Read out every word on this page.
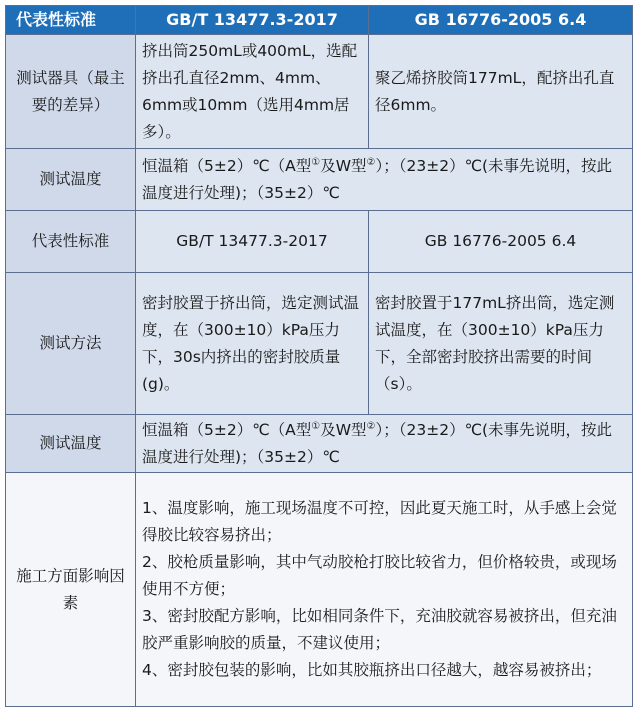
代表性标准	GB/T 13477.3-2017	GB 16776-2005 6.4
测试器具（最主要的差异）	挤出筒250mL或400mL，选配挤出孔直径2mm、4mm、6mm或10mm（选用4mm居多）。	聚乙烯挤胶筒177mL，配挤出孔直径6mm。
测试温度	恒温箱（5±2）℃（A型①及W型②）；（23±2）℃(未事先说明，按此温度进行处理)；（35±2）℃	
代表性标准	GB/T 13477.3-2017	GB 16776-2005 6.4
测试方法	密封胶置于挤出筒，选定测试温度，在（300±10）kPa压力下，30s内挤出的密封胶质量(g)。	密封胶置于177mL挤出筒，选定测试温度，在（300±10）kPa压力下，全部密封胶挤出需要的时间（s）。
测试温度	恒温箱（5±2）℃（A型①及W型②）；（23±2）℃(未事先说明，按此温度进行处理)；（35±2）℃	
施工方面影响因素	1、温度影响，施工现场温度不可控，因此夏天施工时，从手感上会觉得胶比较容易挤出；
2、胶枪质量影响，其中气动胶枪打胶比较省力，但价格较贵，或现场使用不方便；
3、密封胶配方影响，比如相同条件下，充油胶就容易被挤出，但充油胶严重影响胶的质量，不建议使用；
4、密封胶包装的影响，比如其胶瓶挤出口径越大，越容易被挤出；	
